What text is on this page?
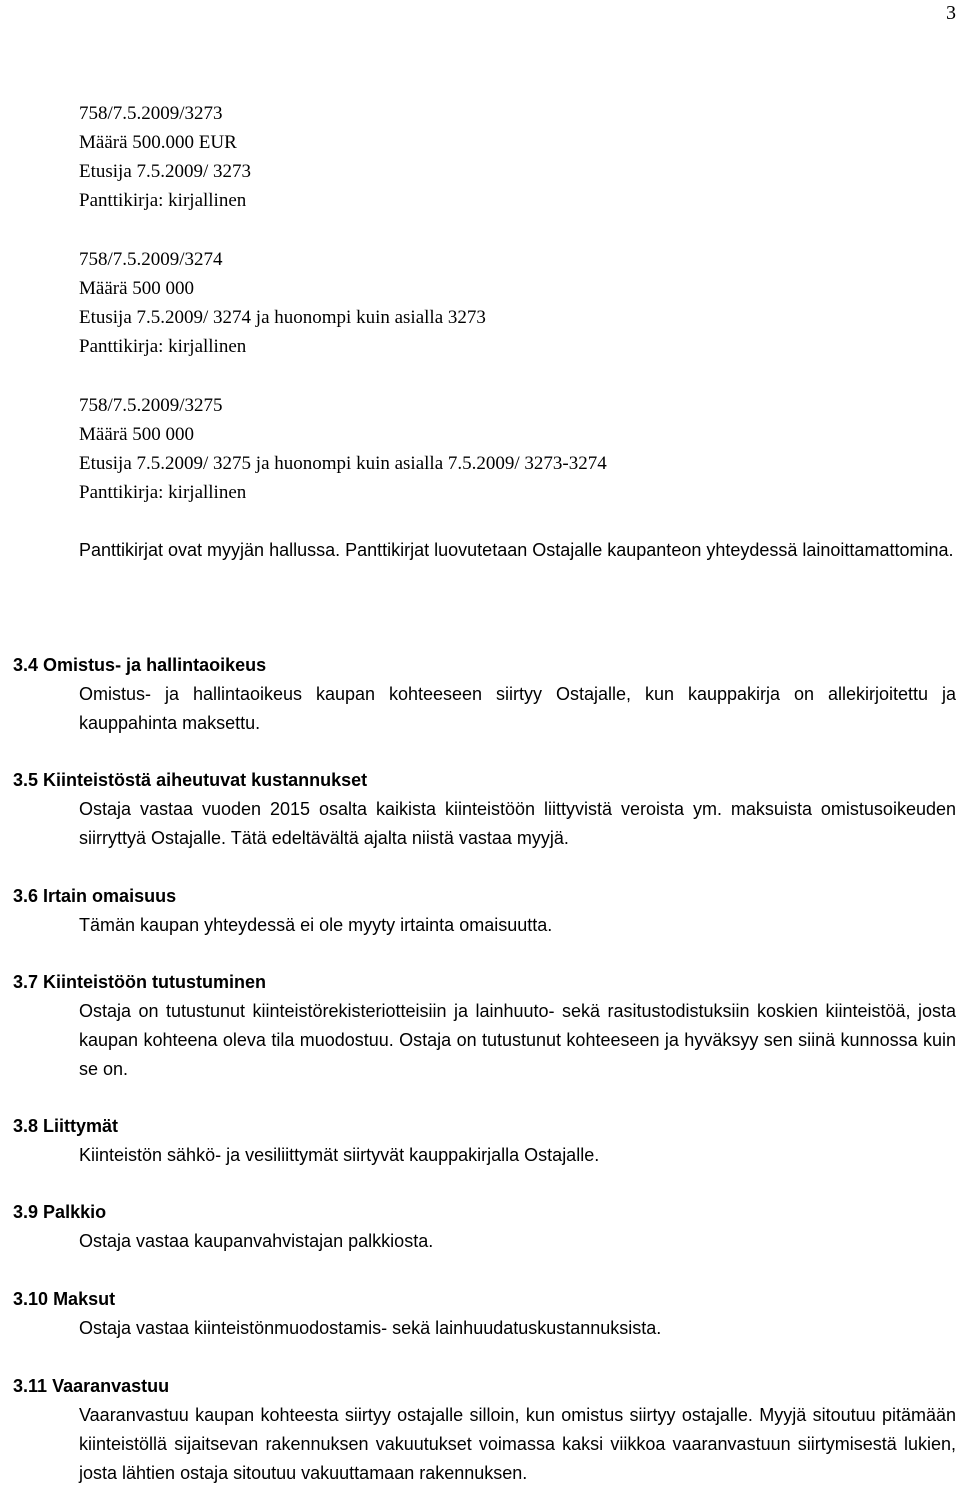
3
758/7.5.2009/3273
Määrä 500.000 EUR
Etusija 7.5.2009/ 3273
Panttikirja: kirjallinen
758/7.5.2009/3274
Määrä 500 000
Etusija 7.5.2009/ 3274 ja huonompi kuin asialla 3273
Panttikirja: kirjallinen
758/7.5.2009/3275
Määrä 500 000
Etusija 7.5.2009/ 3275 ja huonompi kuin asialla 7.5.2009/ 3273-3274
Panttikirja: kirjallinen
Panttikirjat ovat myyjän hallussa. Panttikirjat luovutetaan Ostajalle kaupanteon yhteydessä lainoittamattomina.
3.4 Omistus- ja hallintaoikeus
Omistus- ja hallintaoikeus kaupan kohteeseen siirtyy Ostajalle, kun kauppakirja on allekirjoitettu ja kauppahinta maksettu.
3.5 Kiinteistöstä aiheutuvat kustannukset
Ostaja vastaa vuoden 2015 osalta kaikista kiinteistöön liittyvistä veroista ym. maksuista omistusoikeuden siirryttyä Ostajalle. Tätä edeltävältä ajalta niistä vastaa myyjä.
3.6 Irtain omaisuus
Tämän kaupan yhteydessä ei ole myyty irtainta omaisuutta.
3.7 Kiinteistöön tutustuminen
Ostaja on tutustunut kiinteistörekisteriotteisiin ja lainhuuto- sekä rasitustodistuksiin koskien kiinteistöä, josta kaupan kohteena oleva tila muodostuu. Ostaja on tutustunut kohteeseen ja hyväksyy sen siinä kunnossa kuin se on.
3.8 Liittymät
Kiinteistön sähkö- ja vesiliittymät siirtyvät kauppakirjalla Ostajalle.
3.9 Palkkio
Ostaja vastaa kaupanvahvistajan palkkiosta.
3.10 Maksut
Ostaja vastaa kiinteistönmuodostamis- sekä lainhuudatuskustannuksista.
3.11 Vaaranvastuu
Vaaranvastuu kaupan kohteesta siirtyy ostajalle silloin, kun omistus siirtyy ostajalle. Myyjä sitoutuu pitämään kiinteistöllä sijaitsevan rakennuksen vakuutukset voimassa kaksi viikkoa vaaranvastuun siirtymisestä lukien, josta lähtien ostaja sitoutuu vakuuttamaan rakennuksen.
